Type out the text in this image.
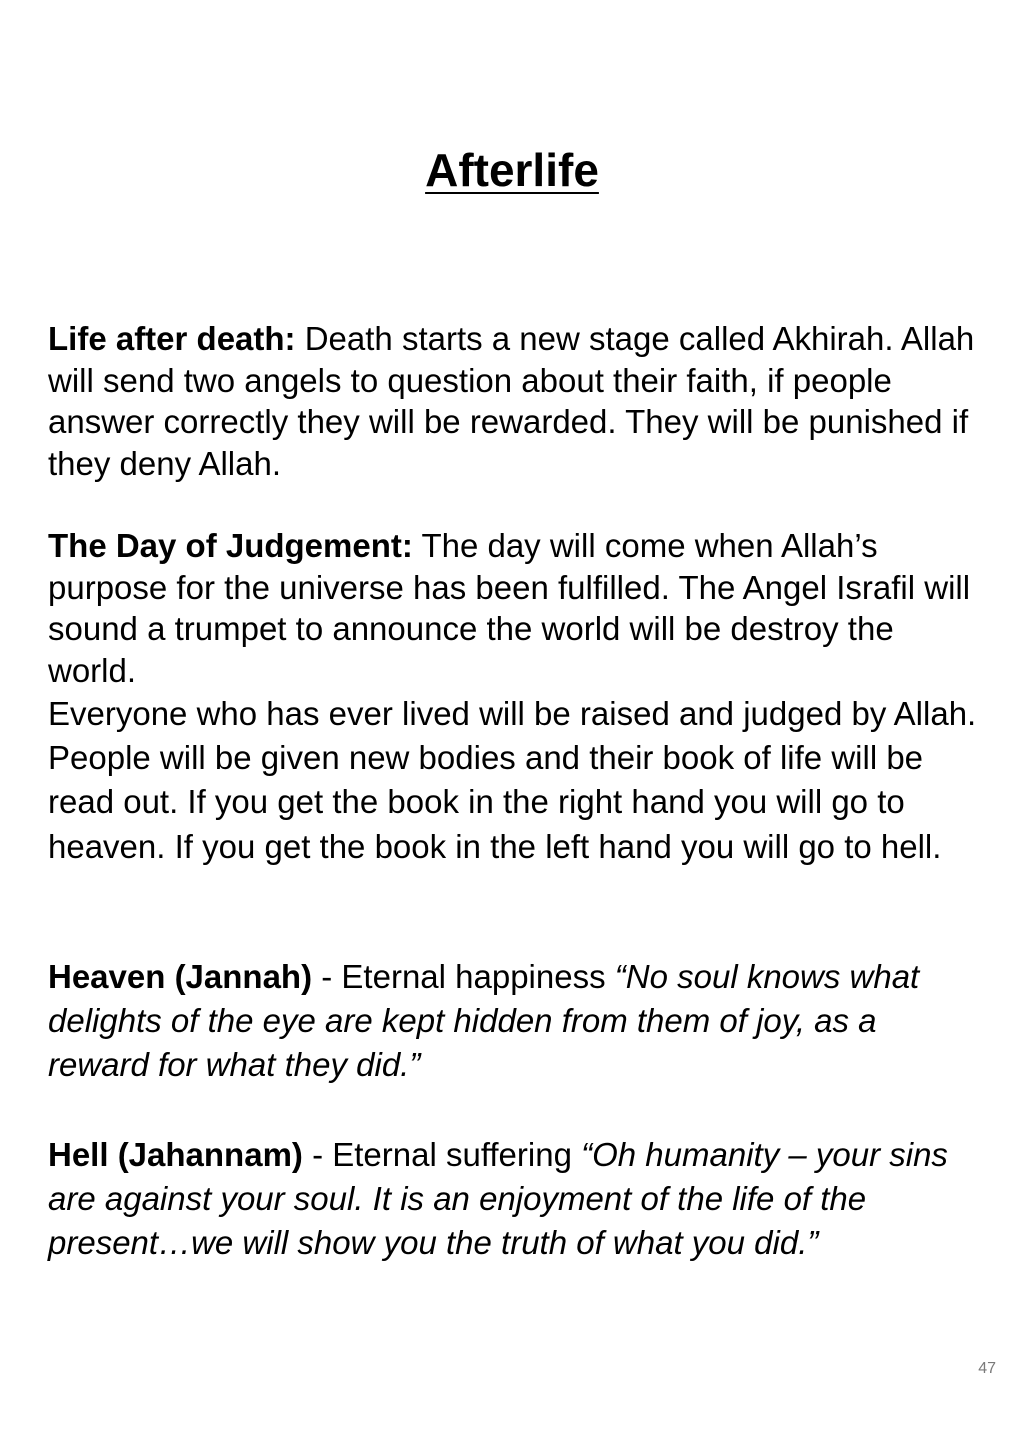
Afterlife

Life after death: Death starts a new stage called Akhirah. Allah will send two angels to question about their faith, if people answer correctly they will be rewarded. They will be punished if they deny Allah.

The Day of Judgement: The day will come when Allah’s purpose for the universe has been fulfilled. The Angel Israfil will sound a trumpet to announce the world will be destroy the world.

Everyone who has ever lived will be raised and judged by Allah. People will be given new bodies and their book of life will be read out. If you get the book in the right hand you will go to heaven. If you get the book in the left hand you will go to hell.

Heaven (Jannah) - Eternal happiness “No soul knows what delights of the eye are kept hidden from them of joy, as a reward for what they did.”

Hell (Jahannam) - Eternal suffering “Oh humanity – your sins are against your soul. It is an enjoyment of the life of the present…we will show you the truth of what you did.”

47
